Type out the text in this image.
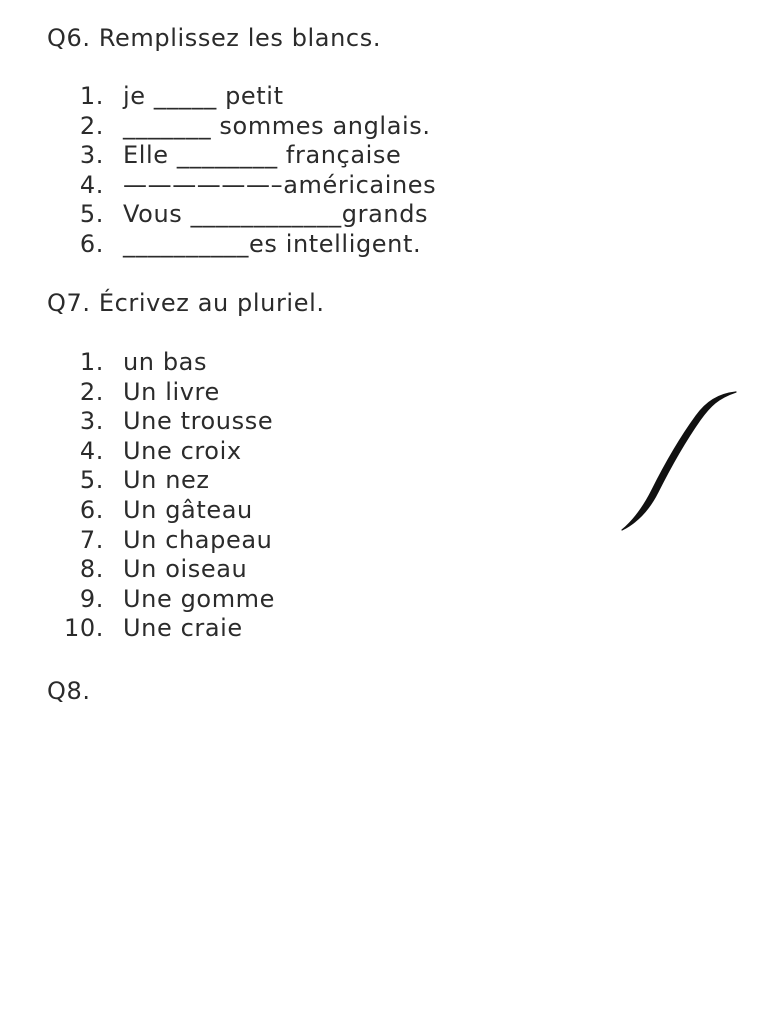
Q6. Remplissez les blancs.
1. je _____ petit
2. _______ sommes anglais.
3. Elle ________ française
4. ——————–américaines
5. Vous ____________grands
6. __________es intelligent.
Q7. Écrivez au pluriel.
1. un bas
2. Un livre
3. Une trousse
4. Une croix
5. Un nez
6. Un gâteau
7. Un chapeau
8. Un oiseau
9. Une gomme
10. Une craie
Q8.
